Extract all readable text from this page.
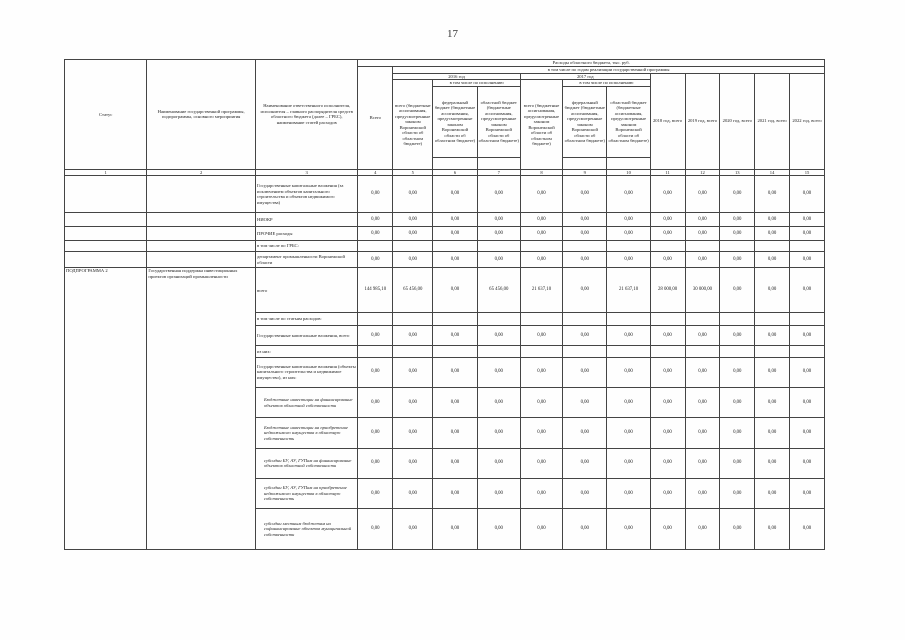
17
Статус	Наименование государственной программы, подпрограммы, основного мероприятия	Наименование ответственного исполнителя, исполнителя – главного распорядителя средств областного бюджета (далее – ГРБС), наименование статей расходов	Расходы областного бюджета, тыс. руб.											
			Всего	в том числе по годам реализации государственной программы										
				2016 год			2017 год			2018 год, всего	2019 год, всего	2020 год, всего	2021 год, всего	2022 год, всего
				всего (бюджетные ассигнования, предусмотренные законом Воронежской области об областном бюджете)	в том числе по исполнению		всего (бюджетные ассигнования, предусмотренные законом Воронежской области об областном бюджете)	в том числе по исполнению						
					федеральный бюджет (бюджетные ассигнования, предусмотренные законом Воронежской области об областном бюджете)	областной бюджет (бюджетные ассигнования, предусмотренные законом Воронежской области об областном бюджете)		федеральный бюджет (бюджетные ассигнования, предусмотренные законом Воронежской области об областном бюджете)	областной бюджет (бюджетные ассигнования, предусмотренные законом Воронежской области об областном бюджете)					

1	2	3	4	5	6	7	8	9	10	11	12	13	14	15
		Государственные капитальные вложения (за исключением объектов капитального строительства и объектов недвижимого имущества)	0,00	0,00	0,00	0,00	0,00	0,00	0,00	0,00	0,00	0,00	0,00	0,00
		НИОКР	0,00	0,00	0,00	0,00	0,00	0,00	0,00	0,00	0,00	0,00	0,00	0,00
		ПРОЧИЕ расходы	0,00	0,00	0,00	0,00	0,00	0,00	0,00	0,00	0,00	0,00	0,00	0,00
		в том числе по ГРБС:												
		департамент промышленности Воронежской области	0,00	0,00	0,00	0,00	0,00	0,00	0,00	0,00	0,00	0,00	0,00	0,00
ПОДПРОГРАММА 2	Государственная поддержка инвестиционных проектов организаций промышленности	всего	144 985,10	65 456,00	0,00	65 456,00	21 637,10	0,00	21 637,10	28 000,00	30 000,00	0,00	0,00	0,00
		в том числе по статьям расходов:												
		Государственные капитальные вложения, всего	0,00	0,00	0,00	0,00	0,00	0,00	0,00	0,00	0,00	0,00	0,00	0,00
		из них:												
		Государственные капитальные вложения (объекты капитального строительства и недвижимое имущество), из них:	0,00	0,00	0,00	0,00	0,00	0,00	0,00	0,00	0,00	0,00	0,00	0,00
		Бюджетные инвестиции на финансирование объектов областной собственности	0,00	0,00	0,00	0,00	0,00	0,00	0,00	0,00	0,00	0,00	0,00	0,00
		Бюджетные инвестиции на приобретение недвижимого имущества в областную собственность	0,00	0,00	0,00	0,00	0,00	0,00	0,00	0,00	0,00	0,00	0,00	0,00
		субсидии БУ, АУ, ГУПам на финансирование объектов областной собственности	0,00	0,00	0,00	0,00	0,00	0,00	0,00	0,00	0,00	0,00	0,00	0,00
		субсидии БУ, АУ, ГУПам на приобретение недвижимого имущества в областную собственность	0,00	0,00	0,00	0,00	0,00	0,00	0,00	0,00	0,00	0,00	0,00	0,00
		субсидии местным бюджетам на софинансирование объектов муниципальной собственности	0,00	0,00	0,00	0,00	0,00	0,00	0,00	0,00	0,00	0,00	0,00	0,00
